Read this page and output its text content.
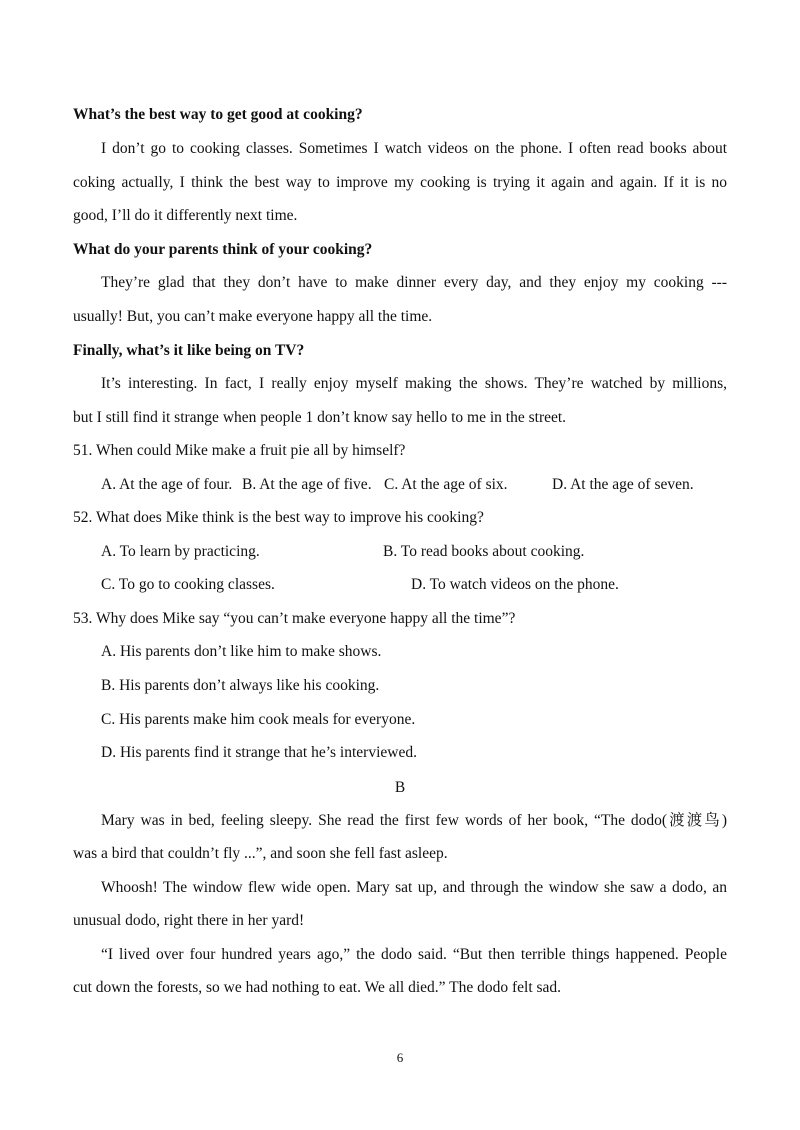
What’s the best way to get good at cooking?
I don’t go to cooking classes. Sometimes I watch videos on the phone. I often read books about
coking actually, I think the best way to improve my cooking is trying it again and again. If it is no
good, I’ll do it differently next time.
What do your parents think of your cooking?
They’re glad that they don’t have to make dinner every day, and they enjoy my cooking ---
usually! But, you can’t make everyone happy all the time.
Finally, what’s it like being on TV?
It’s interesting. In fact, I really enjoy myself making the shows. They’re watched by millions,
but I still find it strange when people 1 don’t know say hello to me in the street.
51. When could Mike make a fruit pie all by himself?
A. At the age of four. B. At the age of five. C. At the age of six.	D. At the age of seven.
52. What does Mike think is the best way to improve his cooking?
A. To learn by practicing.	B. To read books about cooking.
C. To go to cooking classes.	D. To watch videos on the phone.
53. Why does Mike say “you can’t make everyone happy all the time”?
A. His parents don’t like him to make shows.
B. His parents don’t always like his cooking.
C. His parents make him cook meals for everyone.
D. His parents find it strange that he’s interviewed.
B
Mary was in bed, feeling sleepy. She read the first few words of her book, “The dodo(渡渡鸟)
was a bird that couldn’t fly ...”, and soon she fell fast asleep.
Whoosh! The window flew wide open. Mary sat up, and through the window she saw a dodo, an
unusual dodo, right there in her yard!
“I lived over four hundred years ago,” the dodo said. “But then terrible things happened. People
cut down the forests, so we had nothing to eat. We all died.” The dodo felt sad.
6
